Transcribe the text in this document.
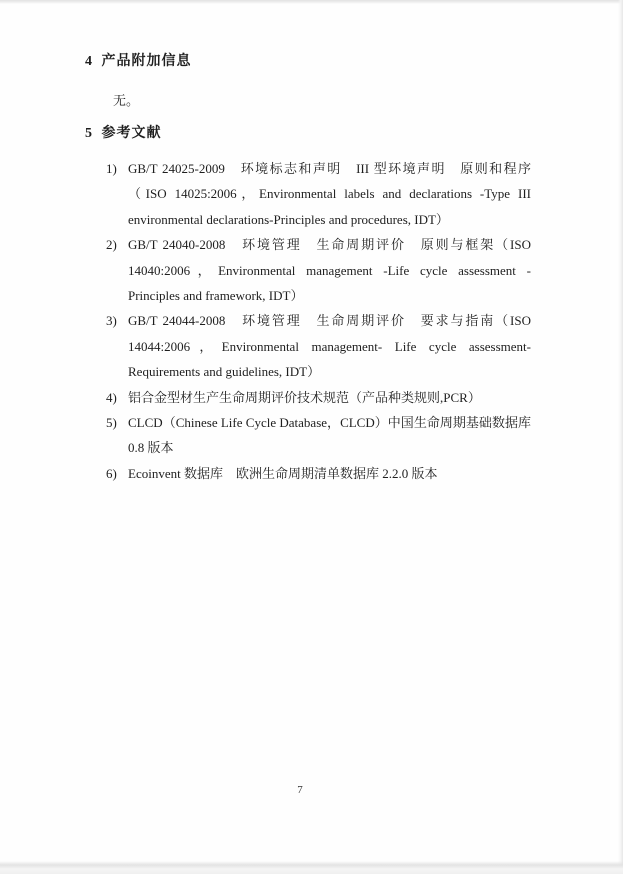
4 产品附加信息

无。

5 参考文献
1) GB/T 24025-2009　环境标志和声明　III 型环境声明　原则和程序（ISO 14025:2006，Environmental labels and declarations -Type III environmental declarations-Principles and procedures, IDT）
2) GB/T 24040-2008　环境管理　生命周期评价　原则与框架（ISO 14040:2006，Environmental management -Life cycle assessment - Principles and framework, IDT）
3) GB/T 24044-2008　环境管理　生命周期评价　要求与指南（ISO 14044:2006，Environmental management- Life cycle assessment- Requirements and guidelines, IDT）
4) 铝合金型材生产生命周期评价技术规范（产品种类规则,PCR）
5) CLCD（Chinese Life Cycle Database，CLCD）中国生命周期基础数据库 0.8 版本
6) Ecoinvent 数据库　欧洲生命周期清单数据库 2.2.0 版本
7
